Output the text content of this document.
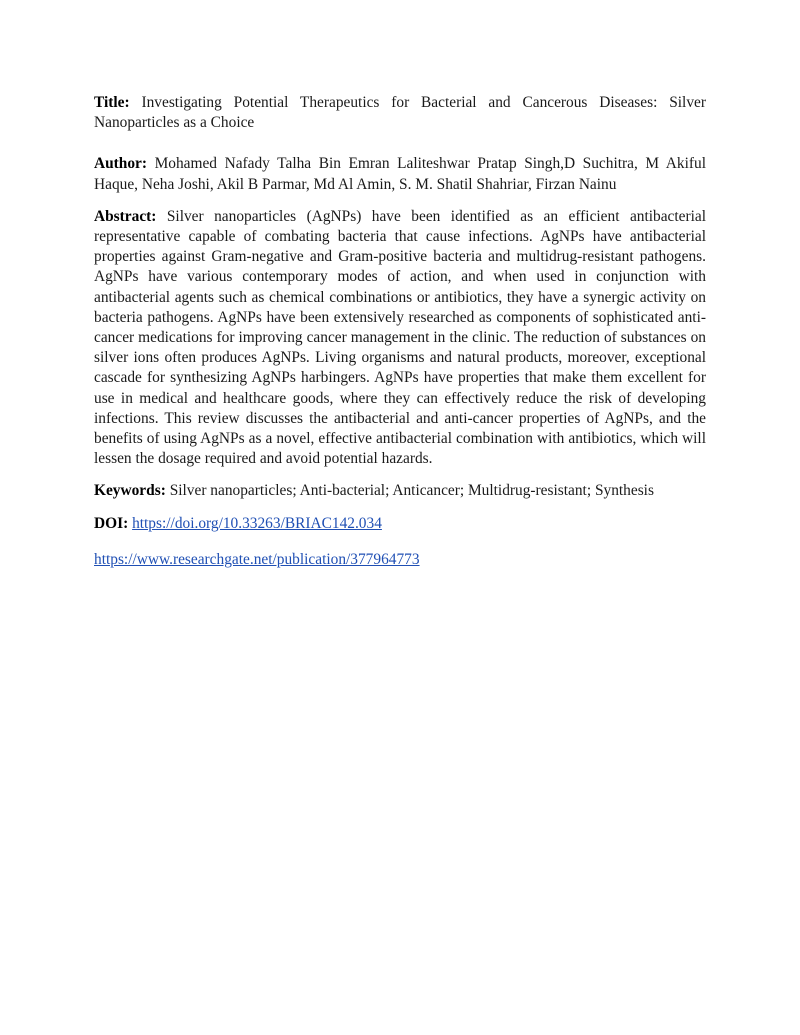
Title: Investigating Potential Therapeutics for Bacterial and Cancerous Diseases: Silver Nanoparticles as a Choice

Author: Mohamed Nafady Talha Bin Emran Laliteshwar Pratap Singh,D Suchitra, M Akiful Haque, Neha Joshi, Akil B Parmar, Md Al Amin, S. M. Shatil Shahriar, Firzan Nainu

Abstract: Silver nanoparticles (AgNPs) have been identified as an efficient antibacterial representative capable of combating bacteria that cause infections. AgNPs have antibacterial properties against Gram-negative and Gram-positive bacteria and multidrug-resistant pathogens. AgNPs have various contemporary modes of action, and when used in conjunction with antibacterial agents such as chemical combinations or antibiotics, they have a synergic activity on bacteria pathogens. AgNPs have been extensively researched as components of sophisticated anti-cancer medications for improving cancer management in the clinic. The reduction of substances on silver ions often produces AgNPs. Living organisms and natural products, moreover, exceptional cascade for synthesizing AgNPs harbingers. AgNPs have properties that make them excellent for use in medical and healthcare goods, where they can effectively reduce the risk of developing infections. This review discusses the antibacterial and anti-cancer properties of AgNPs, and the benefits of using AgNPs as a novel, effective antibacterial combination with antibiotics, which will lessen the dosage required and avoid potential hazards.

Keywords: Silver nanoparticles; Anti-bacterial; Anticancer; Multidrug-resistant; Synthesis

DOI: https://doi.org/10.33263/BRIAC142.034

https://www.researchgate.net/publication/377964773
